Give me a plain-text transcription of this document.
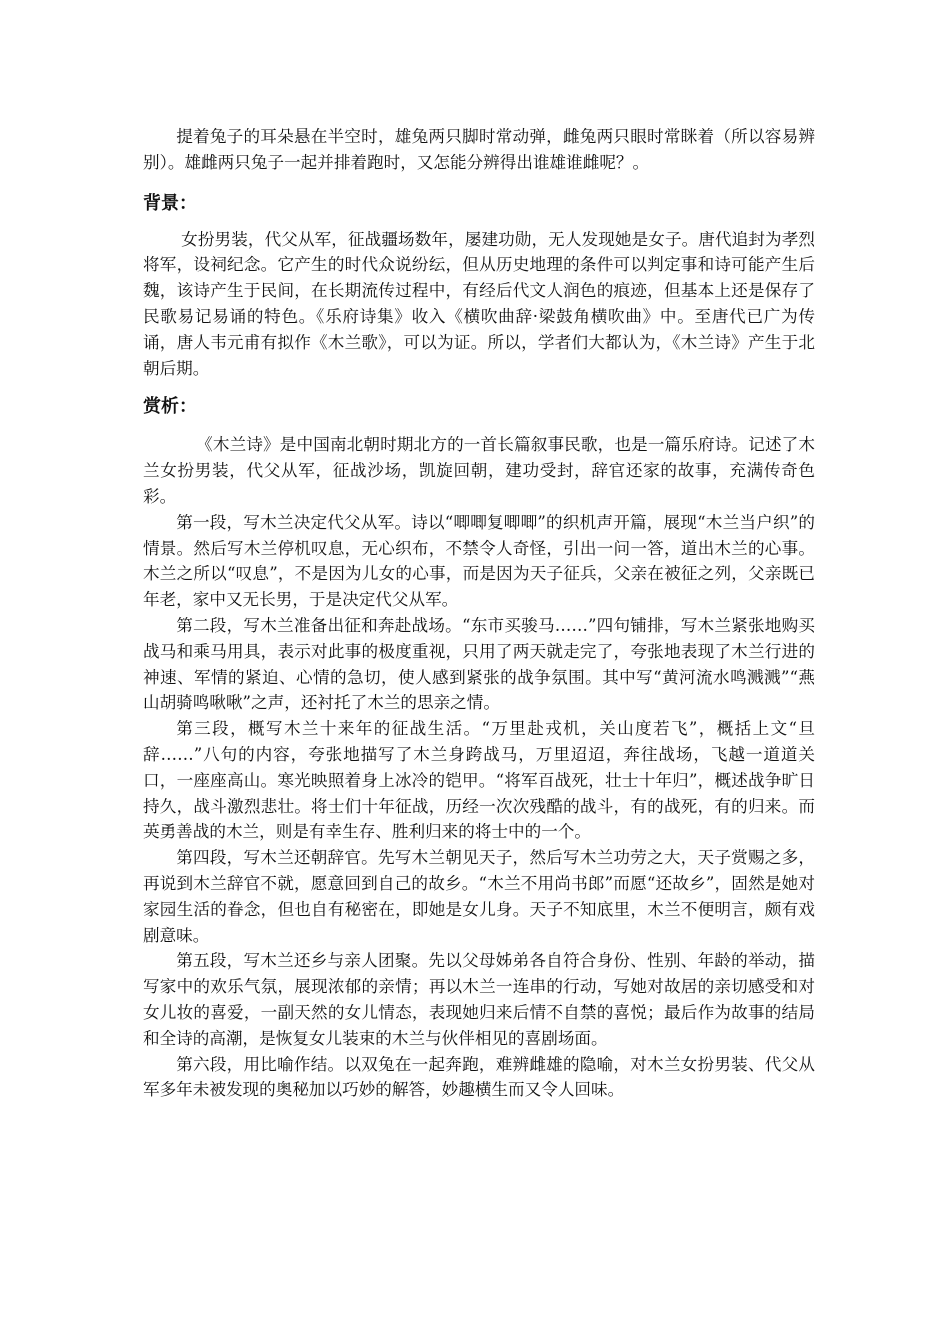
提着兔子的耳朵悬在半空时，雄兔两只脚时常动弹，雌兔两只眼时常眯着（所以容易辨别）。雄雌两只兔子一起并排着跑时，又怎能分辨得出谁雄谁雌呢？。

背景：

女扮男装，代父从军，征战疆场数年，屡建功勋，无人发现她是女子。唐代追封为孝烈将军，设祠纪念。它产生的时代众说纷纭，但从历史地理的条件可以判定事和诗可能产生后魏，该诗产生于民间，在长期流传过程中，有经后代文人润色的痕迹，但基本上还是保存了民歌易记易诵的特色。《乐府诗集》收入《横吹曲辞·梁鼓角横吹曲》中。至唐代已广为传诵，唐人韦元甫有拟作《木兰歌》，可以为证。所以，学者们大都认为，《木兰诗》产生于北朝后期。

赏析：

《木兰诗》是中国南北朝时期北方的一首长篇叙事民歌，也是一篇乐府诗。记述了木兰女扮男装，代父从军，征战沙场，凯旋回朝，建功受封，辞官还家的故事，充满传奇色彩。

第一段，写木兰决定代父从军。诗以“唧唧复唧唧”的织机声开篇，展现“木兰当户织”的情景。然后写木兰停机叹息，无心织布，不禁令人奇怪，引出一问一答，道出木兰的心事。木兰之所以“叹息”，不是因为儿女的心事，而是因为天子征兵，父亲在被征之列，父亲既已年老，家中又无长男，于是决定代父从军。

第二段，写木兰准备出征和奔赴战场。“东市买骏马……”四句铺排，写木兰紧张地购买战马和乘马用具，表示对此事的极度重视，只用了两天就走完了，夸张地表现了木兰行进的神速、军情的紧迫、心情的急切，使人感到紧张的战争氛围。其中写“黄河流水鸣溅溅”“燕山胡骑鸣啾啾”之声，还衬托了木兰的思亲之情。

第三段，概写木兰十来年的征战生活。“万里赴戎机，关山度若飞”，概括上文“旦辞……”八句的内容，夸张地描写了木兰身跨战马，万里迢迢，奔往战场，飞越一道道关口，一座座高山。寒光映照着身上冰冷的铠甲。“将军百战死，壮士十年归”，概述战争旷日持久，战斗激烈悲壮。将士们十年征战，历经一次次残酷的战斗，有的战死，有的归来。而英勇善战的木兰，则是有幸生存、胜利归来的将士中的一个。

第四段，写木兰还朝辞官。先写木兰朝见天子，然后写木兰功劳之大，天子赏赐之多，再说到木兰辞官不就，愿意回到自己的故乡。“木兰不用尚书郎”而愿“还故乡”，固然是她对家园生活的眷念，但也自有秘密在，即她是女儿身。天子不知底里，木兰不便明言，颇有戏剧意味。

第五段，写木兰还乡与亲人团聚。先以父母姊弟各自符合身份、性别、年龄的举动，描写家中的欢乐气氛，展现浓郁的亲情；再以木兰一连串的行动，写她对故居的亲切感受和对女儿妆的喜爱，一副天然的女儿情态，表现她归来后情不自禁的喜悦；最后作为故事的结局和全诗的高潮，是恢复女儿装束的木兰与伙伴相见的喜剧场面。

第六段，用比喻作结。以双兔在一起奔跑，难辨雌雄的隐喻，对木兰女扮男装、代父从军多年未被发现的奥秘加以巧妙的解答，妙趣横生而又令人回味。
